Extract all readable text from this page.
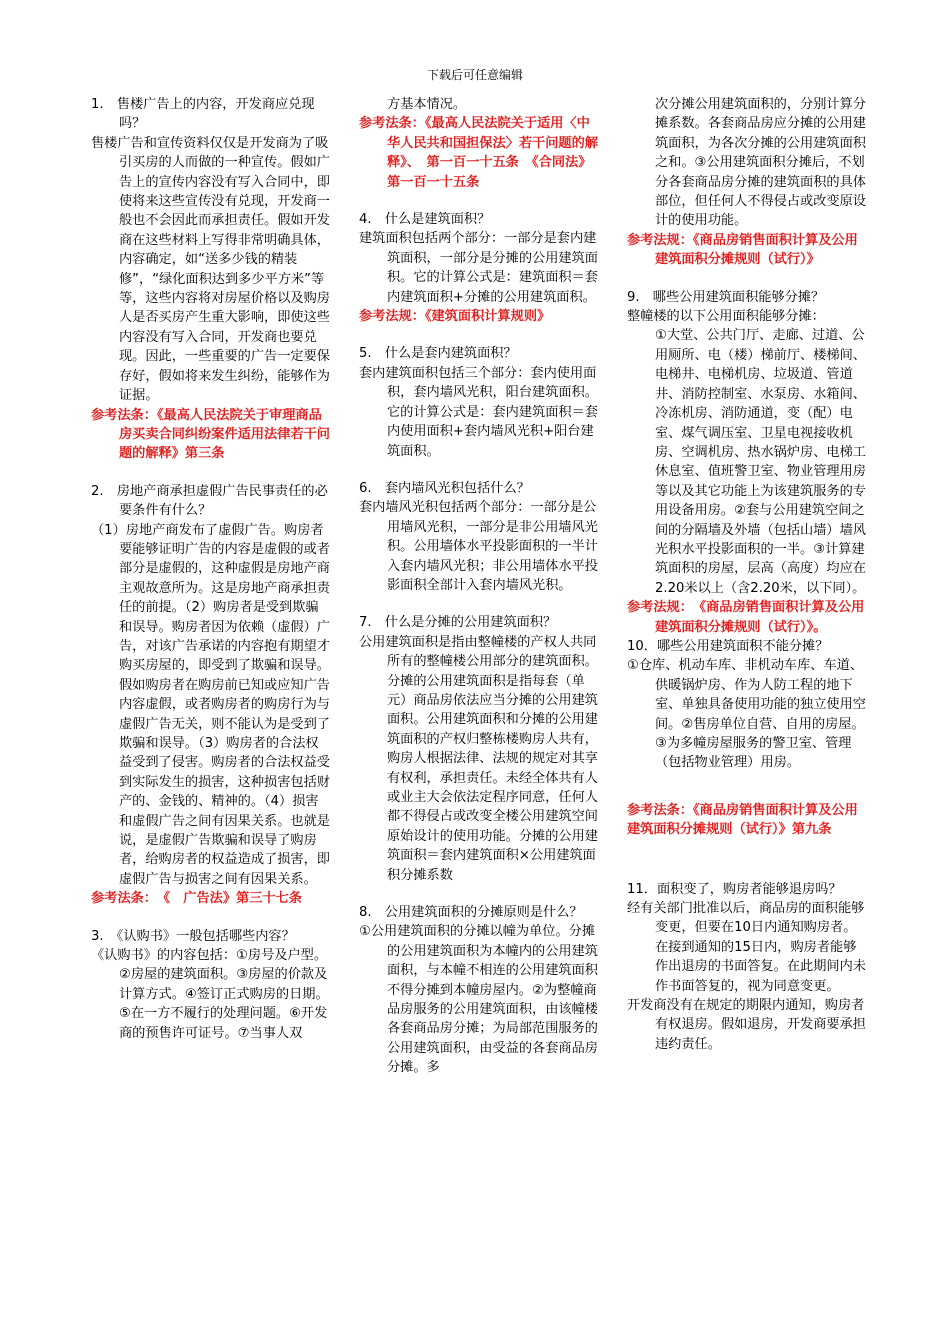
下载后可任意编辑

1.　售楼广告上的内容，开发商应兑现吗？

售楼广告和宣传资料仅仅是开发商为了吸引买房的人而做的一种宣传。假如广告上的宣传内容没有写入合同中，即使将来这些宣传没有兑现，开发商一般也不会因此而承担责任。假如开发商在这些材料上写得非常明确具体，内容确定，如“送多少钱的精装修”，“绿化面积达到多少平方米”等等，这些内容将对房屋价格以及购房人是否买房产生重大影响，即使这些内容没有写入合同，开发商也要兑现。因此，一些重要的广告一定要保存好，假如将来发生纠纷，能够作为证据。

参考法条：《最高人民法院关于审理商品房买卖合同纠纷案件适用法律若干问题的解释》第三条

2.　房地产商承担虚假广告民事责任的必要条件有什么？

（1）房地产商发布了虚假广告。购房者要能够证明广告的内容是虚假的或者部分是虚假的，这种虚假是房地产商主观故意所为。这是房地产商承担责任的前提。（2）购房者是受到欺骗和误导。购房者因为依赖（虚假）广告，对该广告承诺的内容抱有期望才购买房屋的，即受到了欺骗和误导。假如购房者在购房前已知或应知广告内容虚假，或者购房者的购房行为与虚假广告无关，则不能认为是受到了欺骗和误导。（3）购房者的合法权益受到了侵害。购房者的合法权益受到实际发生的损害，这种损害包括财产的、金钱的、精神的。（4）损害和虚假广告之间有因果关系。也就是说，是虚假广告欺骗和误导了购房者，给购房者的权益造成了损害，即虚假广告与损害之间有因果关系。

参考法条：　《　广告法》第三十七条

3.　《认购书》一般包括哪些内容？

《认购书》的内容包括：①房号及户型。②房屋的建筑面积。③房屋的价款及计算方式。④签订正式购房的日期。⑤在一方不履行的处理问题。⑥开发商的预售许可证号。⑦当事人双

方基本情况。

参考法条：《最高人民法院关于适用〈中华人民共和国担保法〉若干问题的解释》、　第一百一十五条　《合同法》第一百一十五条

4.　什么是建筑面积？

建筑面积包括两个部分：一部分是套内建筑面积，一部分是分摊的公用建筑面积。它的计算公式是：建筑面积＝套内建筑面积+分摊的公用建筑面积。

参考法规：《建筑面积计算规则》

5.　什么是套内建筑面积？

套内建筑面积包括三个部分：套内使用面积，套内墙风光积，阳台建筑面积。它的计算公式是：套内建筑面积＝套内使用面积+套内墙风光积+阳台建筑面积。

6.　套内墙风光积包括什么？

套内墙风光积包括两个部分：一部分是公用墙风光积，一部分是非公用墙风光积。公用墙体水平投影面积的一半计入套内墙风光积；非公用墙体水平投影面积全部计入套内墙风光积。

7.　什么是分摊的公用建筑面积？

公用建筑面积是指由整幢楼的产权人共同所有的整幢楼公用部分的建筑面积。分摊的公用建筑面积是指每套（单元）商品房依法应当分摊的公用建筑面积。公用建筑面积和分摊的公用建筑面积的产权归整栋楼购房人共有，购房人根据法律、法规的规定对其享有权利，承担责任。未经全体共有人或业主大会依法定程序同意，任何人都不得侵占或改变全楼公用建筑空间原始设计的使用功能。分摊的公用建筑面积＝套内建筑面积×公用建筑面积分摊系数

8.　公用建筑面积的分摊原则是什么？

①公用建筑面积的分摊以幢为单位。分摊的公用建筑面积为本幢内的公用建筑面积，与本幢不相连的公用建筑面积不得分摊到本幢房屋内。②为整幢商品房服务的公用建筑面积，由该幢楼各套商品房分摊；为局部范围服务的公用建筑面积，由受益的各套商品房分摊。多

次分摊公用建筑面积的，分别计算分摊系数。各套商品房应分摊的公用建筑面积，为各次分摊的公用建筑面积之和。③公用建筑面积分摊后，不划分各套商品房分摊的建筑面积的具体部位，但任何人不得侵占或改变原设计的使用功能。

参考法规：《商品房销售面积计算及公用建筑面积分摊规则（试行）》

9.　哪些公用建筑面积能够分摊？

整幢楼的以下公用面积能够分摊：

①大堂、公共门厅、走廊、过道、公用厕所、电（楼）梯前厅、楼梯间、电梯井、电梯机房、垃圾道、管道井、消防控制室、水泵房、水箱间、冷冻机房、消防通道，变（配）电室、煤气调压室、卫星电视接收机房、空调机房、热水锅炉房、电梯工休息室、值班警卫室、物业管理用房等以及其它功能上为该建筑服务的专用设备用房。②套与公用建筑空间之间的分隔墙及外墙（包括山墙）墙风光积水平投影面积的一半。③计算建筑面积的房屋，层高（高度）均应在2.20米以上（含2.20米，以下同）。

参考法规：　《商品房销售面积计算及公用建筑面积分摊规则（试行）》。

10．哪些公用建筑面积不能分摊？

①仓库、机动车库、非机动车库、车道、供暖锅炉房、作为人防工程的地下室、单独具备使用功能的独立使用空间。②售房单位自营、自用的房屋。③为多幢房屋服务的警卫室、管理（包括物业管理）用房。

参考法条：《商品房销售面积计算及公用建筑面积分摊规则（试行）》第九条

11．面积变了，购房者能够退房吗？

经有关部门批准以后，商品房的面积能够变更，但要在10日内通知购房者。在接到通知的15日内，购房者能够作出退房的书面答复。在此期间内未作书面答复的，视为同意变更。

开发商没有在规定的期限内通知，购房者有权退房。假如退房，开发商要承担违约责任。
